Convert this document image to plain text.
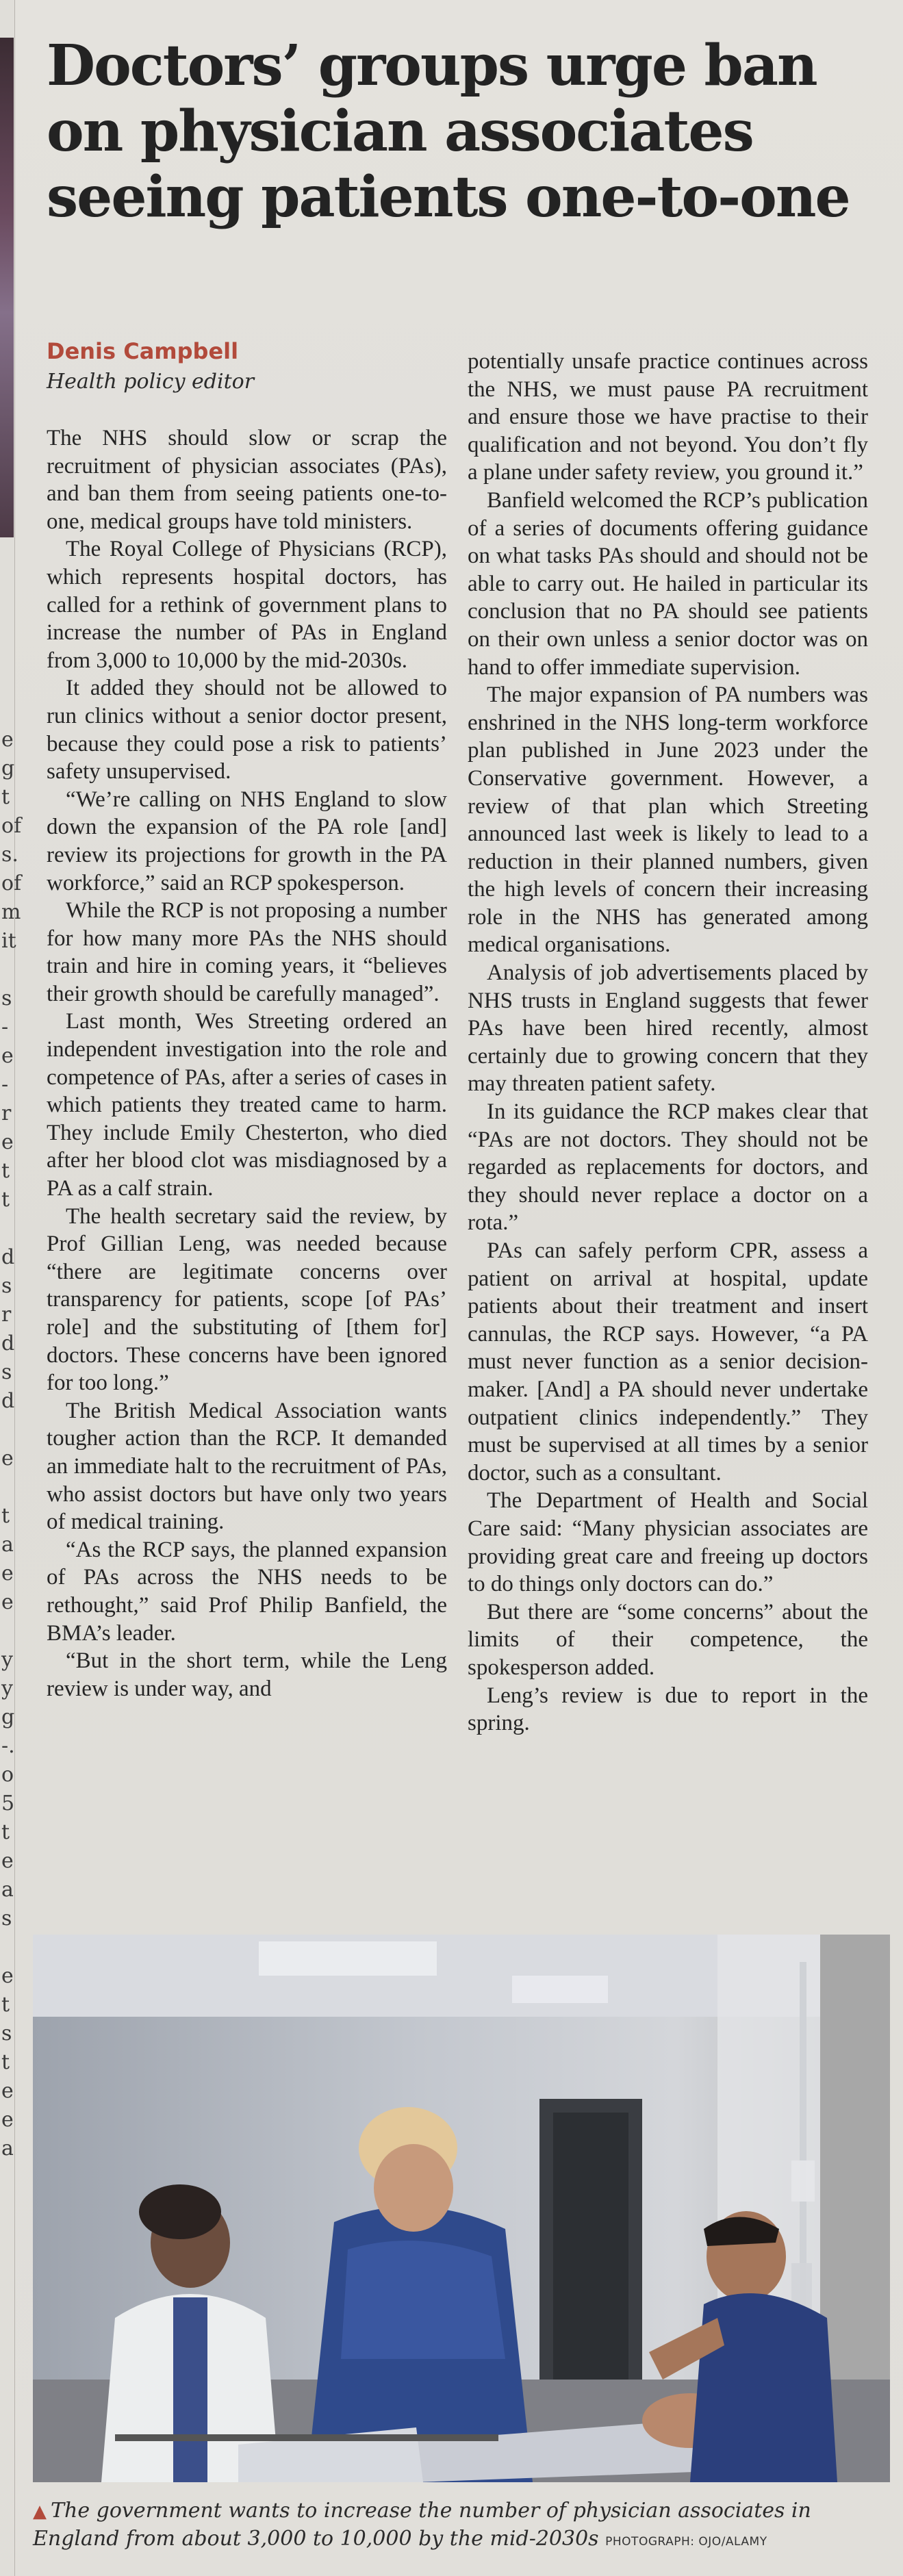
e
g
t
of
s.
of
m
it
s
-
e
-
r
e
t
t
d
s
r
d
s
d
e
t
a
e
e
y
y
g
-.
o
5
t
e
a
s
e
t
s
t
e
e
a
Doctors’ groups urge ban on physician associates seeing patients one-to-one
Denis Campbell
Health policy editor

The NHS should slow or scrap the recruitment of physician associates (PAs), and ban them from seeing patients one-to-one, medical groups have told ministers.

The Royal College of Physicians (RCP), which represents hospital doctors, has called for a rethink of government plans to increase the number of PAs in England from 3,000 to 10,000 by the mid-2030s.

It added they should not be allowed to run clinics without a senior doctor present, because they could pose a risk to patients’ safety unsupervised.

“We’re calling on NHS England to slow down the expansion of the PA role [and] review its projections for growth in the PA workforce,” said an RCP spokesperson.

While the RCP is not proposing a number for how many more PAs the NHS should train and hire in coming years, it “believes their growth should be carefully managed”.

Last month, Wes Streeting ordered an independent investigation into the role and competence of PAs, after a series of cases in which patients they treated came to harm. They include Emily Chesterton, who died after her blood clot was misdiagnosed by a PA as a calf strain.

The health secretary said the review, by Prof Gillian Leng, was needed because “there are legitimate concerns over transparency for patients, scope [of PAs’ role] and the substituting of [them for] doctors. These concerns have been ignored for too long.”

The British Medical Association wants tougher action than the RCP. It demanded an immediate halt to the recruitment of PAs, who assist doctors but have only two years of medical training.

“As the RCP says, the planned expansion of PAs across the NHS needs to be rethought,” said Prof Philip Banfield, the BMA’s leader.

“But in the short term, while the Leng review is under way, and

potentially unsafe practice continues across the NHS, we must pause PA recruitment and ensure those we have practise to their qualification and not beyond. You don’t fly a plane under safety review, you ground it.”

Banfield welcomed the RCP’s publication of a series of documents offering guidance on what tasks PAs should and should not be able to carry out. He hailed in particular its conclusion that no PA should see patients on their own unless a senior doctor was on hand to offer immediate supervision.

The major expansion of PA numbers was enshrined in the NHS long-term workforce plan published in June 2023 under the Conservative government. However, a review of that plan which Streeting announced last week is likely to lead to a reduction in their planned numbers, given the high levels of concern their increasing role in the NHS has generated among medical organisations.

Analysis of job advertisements placed by NHS trusts in England suggests that fewer PAs have been hired recently, almost certainly due to growing concern that they may threaten patient safety.

In its guidance the RCP makes clear that “PAs are not doctors. They should not be regarded as replacements for doctors, and they should never replace a doctor on a rota.”

PAs can safely perform CPR, assess a patient on arrival at hospital, update patients about their treatment and insert cannulas, the RCP says. However, “a PA must never function as a senior decision-maker. [And] a PA should never undertake outpatient clinics independently.” They must be supervised at all times by a senior doctor, such as a consultant.

The Department of Health and Social Care said: “Many physician associates are providing great care and freeing up doctors to do things only doctors can do.”

But there are “some concerns” about the limits of their competence, the spokesperson added.

Leng’s review is due to report in the spring.

▲ The government wants to increase the number of physician associates in England from about 3,000 to 10,000 by the mid-2030s PHOTOGRAPH: OJO/ALAMY
